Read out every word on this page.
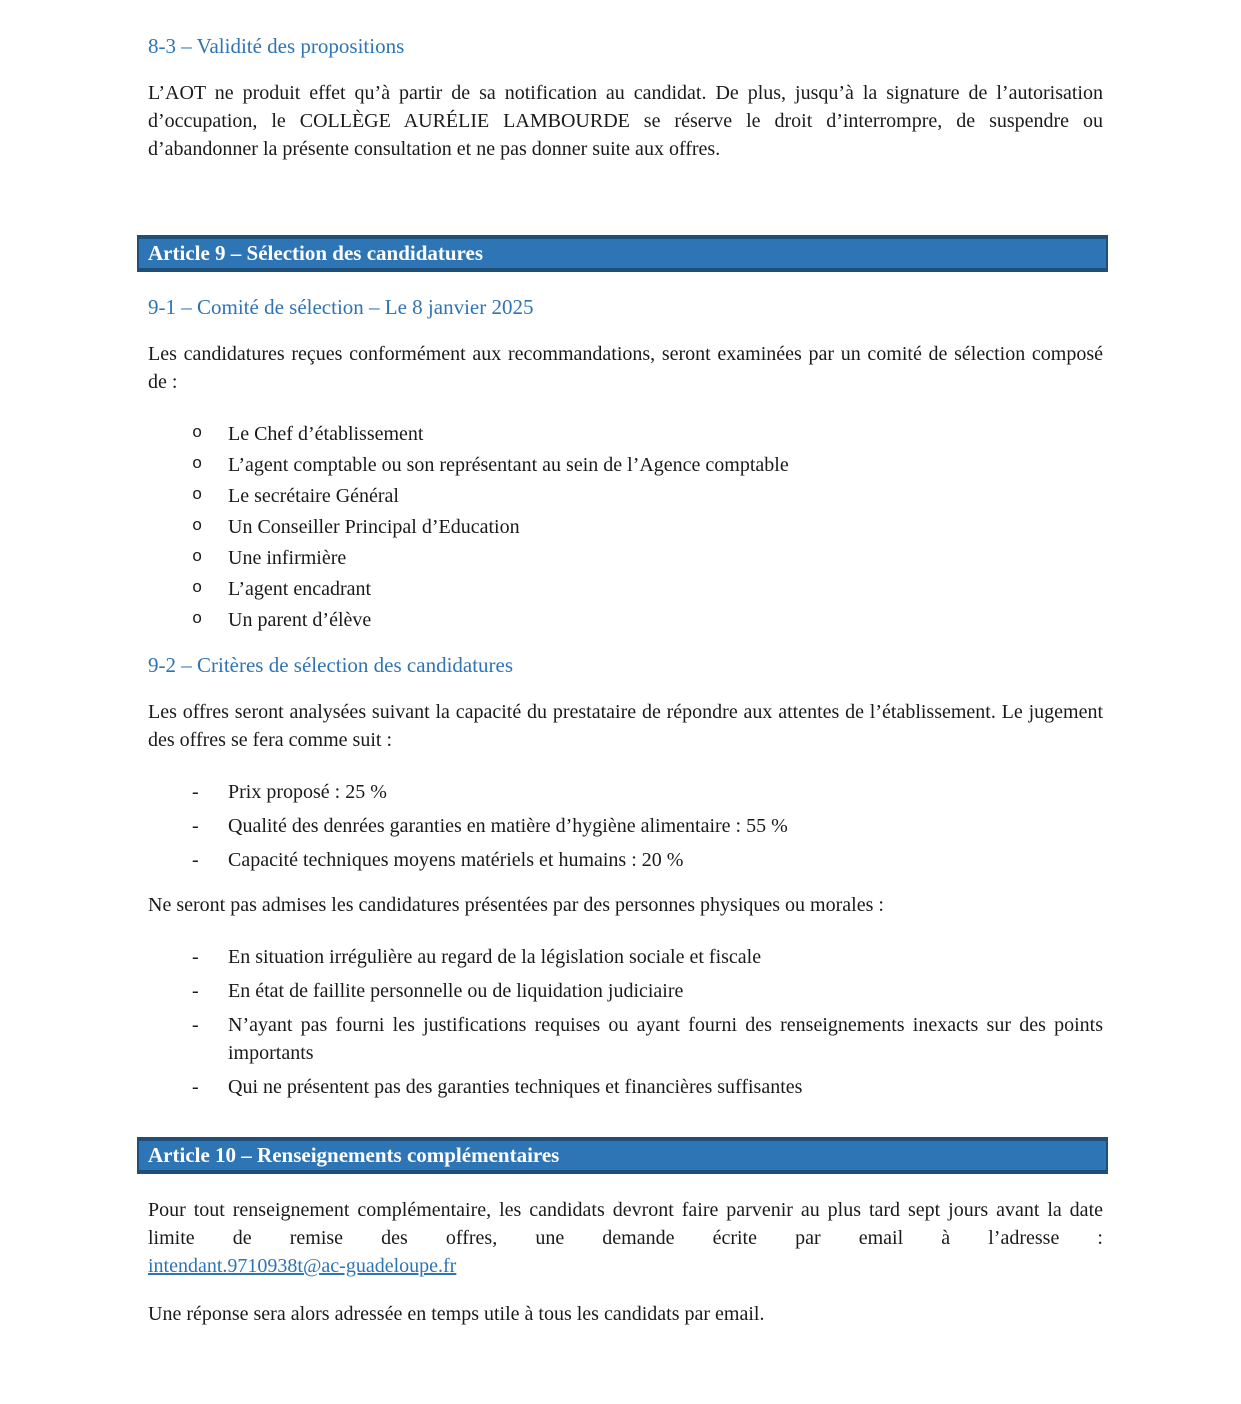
8-3 – Validité des propositions

L’AOT ne produit effet qu’à partir de sa notification au candidat. De plus, jusqu’à la signature de l’autorisation d’occupation, le COLLÈGE AURÉLIE LAMBOURDE se réserve le droit d’interrompre, de suspendre ou d’abandonner la présente consultation et ne pas donner suite aux offres.

Article 9 – Sélection des candidatures
9-1 – Comité de sélection – Le 8 janvier 2025

Les candidatures reçues conformément aux recommandations, seront examinées par un comité de sélection composé de :

o Le Chef d’établissement
o L’agent comptable ou son représentant au sein de l’Agence comptable
o Le secrétaire Général
o Un Conseiller Principal d’Education
o Une infirmière
o L’agent encadrant
o Un parent d’élève
9-2 – Critères de sélection des candidatures

Les offres seront analysées suivant la capacité du prestataire de répondre aux attentes de l’établissement. Le jugement des offres se fera comme suit :

- Prix proposé : 25 %
- Qualité des denrées garanties en matière d’hygiène alimentaire : 55 %
- Capacité techniques moyens matériels et humains : 20 %

Ne seront pas admises les candidatures présentées par des personnes physiques ou morales :

- En situation irrégulière au regard de la législation sociale et fiscale
- En état de faillite personnelle ou de liquidation judiciaire
- N’ayant pas fourni les justifications requises ou ayant fourni des renseignements inexacts sur des points importants
- Qui ne présentent pas des garanties techniques et financières suffisantes
Article 10 – Renseignements complémentaires

Pour tout renseignement complémentaire, les candidats devront faire parvenir au plus tard sept jours avant la date limite de remise des offres, une demande écrite par email à l’adresse :
intendant.9710938t@ac-guadeloupe.fr

Une réponse sera alors adressée en temps utile à tous les candidats par email.
